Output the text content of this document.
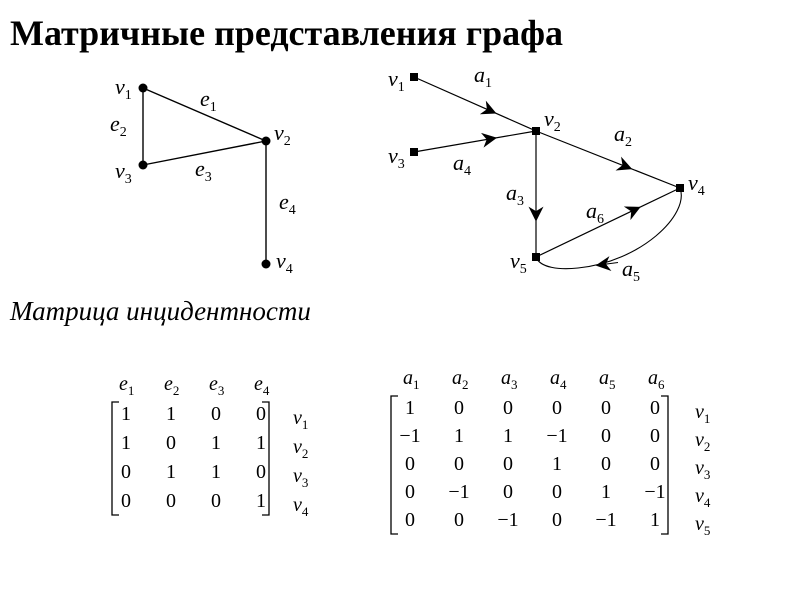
Матричные представления графа
Матрица инцидентности
$e_1$
$e_2$
$e_3$
$e_4$
$v_1$
$v_2$
$v_3$
$v_4$
$a_1$
$a_2$
$a_3$
$a_4$
$a_5$
$a_6$
$v_1$
$v_2$
$v_3$
$v_4$
$v_5$
$e_1$ $e_2$ $e_3$ $e_4$
1 1 0 0
1 0 1 1
0 1 1 0
0 0 0 1
$v_1$
$v_2$
$v_3$
$v_4$
$a_1$ $a_2$ $a_3$ $a_4$ $a_5$ $a_6$
1 0 0 0 0 0
−1 1 1 −1 0 0
0 0 0 1 0 0
0 −1 0 0 1 −1
0 0 −1 0 −1 1
$v_1$
$v_2$
$v_3$
$v_4$
$v_5$
